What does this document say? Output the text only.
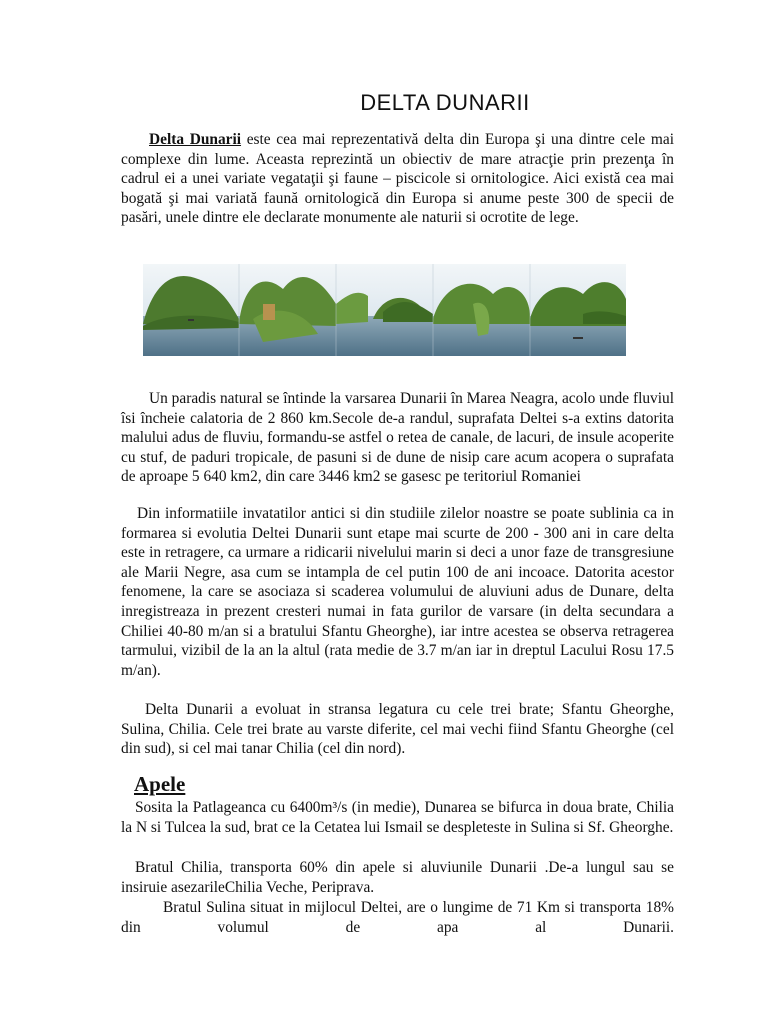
DELTA DUNARII

Delta Dunarii este cea mai reprezentativă delta din Europa şi una dintre cele mai complexe din lume. Aceasta reprezintă un obiectiv de mare atracţie prin prezenţa în cadrul ei a unei variate vegataţii şi faune – piscicole si ornitologice. Aici există cea mai bogată şi mai variată faună ornitologică din Europa si anume peste 300 de specii de pasări, unele dintre ele declarate monumente ale naturii si ocrotite de lege.

Un paradis natural se întinde la varsarea Dunarii în Marea Neagra, acolo unde fluviul îsi încheie calatoria de 2 860 km.Secole de-a randul, suprafata Deltei s-a extins datorita malului adus de fluviu, formandu-se astfel o retea de canale, de lacuri, de insule acoperite cu stuf, de paduri tropicale, de pasuni si de dune de nisip care acum acopera o suprafata de aproape 5 640 km2, din care 3446 km2 se gasesc pe teritoriul Romaniei

Din informatiile invatatilor antici si din studiile zilelor noastre se poate sublinia ca in formarea si evolutia Deltei Dunarii sunt etape mai scurte de 200 - 300 ani in care delta este in retragere, ca urmare a ridicarii nivelului marin si deci a unor faze de transgresiune ale Marii Negre, asa cum se intampla de cel putin 100 de ani incoace. Datorita acestor fenomene, la care se asociaza si scaderea volumului de aluviuni adus de Dunare, delta inregistreaza in prezent cresteri numai in fata gurilor de varsare (in delta secundara a Chiliei 40-80 m/an si a bratului Sfantu Gheorghe), iar intre acestea se observa retragerea tarmului, vizibil de la an la altul (rata medie de 3.7 m/an iar in dreptul Lacului Rosu 17.5 m/an).

Delta Dunarii a evoluat in stransa legatura cu cele trei brate; Sfantu Gheorghe, Sulina, Chilia. Cele trei brate au varste diferite, cel mai vechi fiind Sfantu Gheorghe (cel din sud), si cel mai tanar Chilia (cel din nord).

Apele

Sosita la Patlageanca cu 6400m³/s (in medie), Dunarea se bifurca in doua brate, Chilia la N si Tulcea la sud, brat ce la Cetatea lui Ismail se despleteste in Sulina si Sf. Gheorghe.

Bratul Chilia, transporta 60% din apele si aluviunile Dunarii .De-a lungul sau se insiruie asezarileChilia Veche, Periprava.

Bratul Sulina situat in mijlocul Deltei, are o lungime de 71 Km si transporta 18% din volumul de apa al Dunarii.
